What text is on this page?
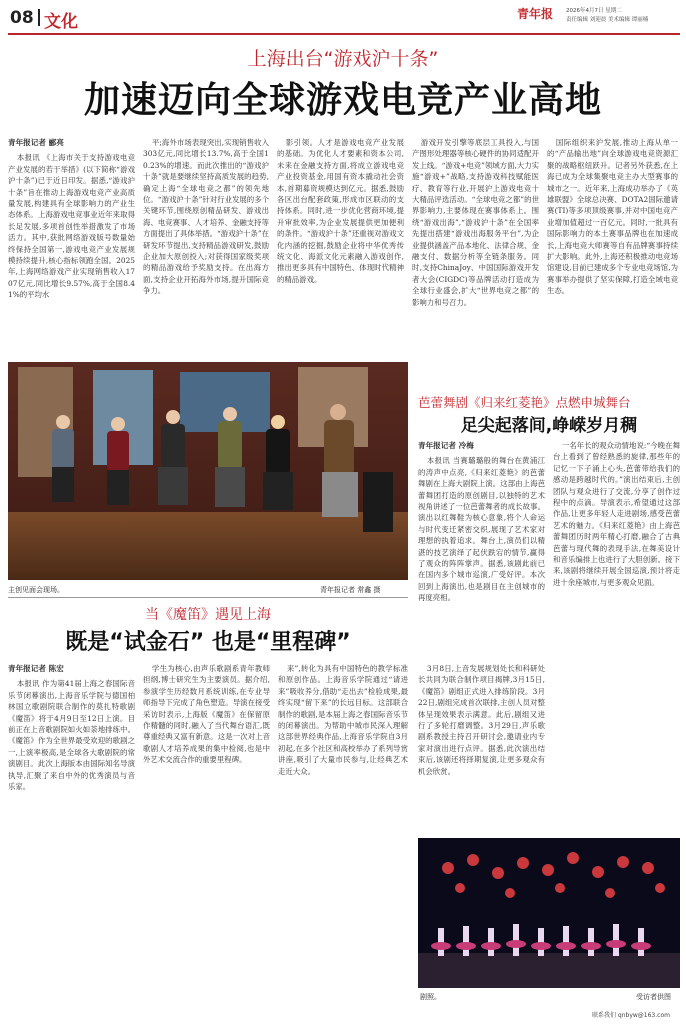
08 文化	青年报 2026年4月7日 星期二
责任编辑 刘迎晨 美术编辑 谭丽楠
上海出台“游戏沪十条”
加速迈向全球游戏电竞产业高地
青年报记者 郦亮

本报讯 《上海市关于支持游戏电竞产业发展的若干举措》(以下简称“游戏沪十条”)已于近日印发。据悉,“游戏沪十条”旨在推动上海游戏电竞产业高质量发展,构建具有全球影响力的产业生态体系。上海游戏电竞事业近年来取得长足发展,多项首创性举措激发了市场活力。其中,获批网络游戏版号数量始终保持全国第一,游戏电竞产业发展规模持续提升,核心指标领跑全国。2025年,上海网络游戏产业实现销售收入1707亿元,同比增长9.57%,高于全国8.41%的平均水

平;海外市场表现突出,实现销售收入303亿元,同比增长13.7%,高于全国10.23%的增速。而此次推出的“游戏沪十条”就是要继续坚持高质发展的趋势,确定上海“全球电竞之都”的领先地位。“游戏沪十条”针对行业发展的多个关键环节,围绕原创精品研发、游戏出海、电竞赛事、人才培养、金融支持等方面提出了具体举措。“游戏沪十条”在研发环节提出,支持精品游戏研发,鼓励企业加大原创投入;对获得国家级奖项的精品游戏给予奖励支持。在出海方面,支持企业开拓海外市场,提升国际竞争力。

影引领。人才是游戏电竞产业发展的基础。为优化人才要素和资本公司,未来在金融支持方面,将成立游戏电竞产业投资基金,用国有资本撬动社会资本,首期募资规模达到亿元。据悉,鼓励各区出台配套政策,形成市区联动的支持体系。同时,进一步优化营商环境,提升审批效率,为企业发展提供更加便利的条件。“游戏沪十条”还重视对游戏文化内涵的挖掘,鼓励企业将中华优秀传统文化、海派文化元素融入游戏创作,推出更多具有中国特色、体现时代精神的精品游戏。

游戏开发引擎等底层工具投入,与国产图形处理器等核心硬件的协同适配开发上线。“游戏+电竞”领域方面,大力实施“游戏+”战略,支持游戏科技赋能医疗、教育等行业,开展沪上游戏电竞十大精品评选活动。“全球电竞之都”的世界影响力,主要体现在赛事体系上。围绕“游戏出海”,“游戏沪十条”在全国率先提出搭建“游戏出海服务平台”,为企业提供涵盖产品本地化、法律合规、金融支付、数据分析等全链条服务。同时,支持ChinaJoy、中国国际游戏开发者大会(CIGDC)等品牌活动打造成为全球行业盛会,扩大“世界电竞之都”的影响力和号召力。

国际组织来沪发展,推动上海从单一的“产品输出地”向全球游戏电竞资源汇聚的战略枢纽跃升。记者另外获悉,在上海已成为全球集聚电竞主办大型赛事的城市之一。近年来,上海成功举办了《英雄联盟》全球总决赛、DOTA2国际邀请赛(TI)等多项顶级赛事,并对中国电竞产业增加值超过一百亿元。同时,一批具有国际影响力的本土赛事品牌也在加速成长,上海电竞大师赛等自有品牌赛事持续扩大影响。此外,上海还积极推动电竞场馆建设,目前已建成多个专业电竞场馆,为赛事举办提供了坚实保障,打造全域电竞生态。

主创见面会现场。	青年报记者 常鑫 摄
芭蕾舞剧《归来红菱艳》点燃申城舞台
足尖起落间,峥嵘岁月稠
青年报记者 冷梅

本报讯 当赛璐璐般的舞台在黄浦江的涛声中点亮,《归来红菱艳》的芭蕾舞剧在上海大剧院上演。这部由上海芭蕾舞团打造的原创剧目,以独特的艺术视角讲述了一位芭蕾舞者的成长故事。演出以红舞鞋为核心意象,将个人命运与时代变迁紧密交织,展现了艺术家对理想的执着追求。舞台上,演员们以精湛的技艺演绎了起伏跌宕的情节,赢得了观众的阵阵掌声。据悉,该剧此前已在国内多个城市巡演,广受好评。本次回到上海演出,也是剧目在主创城市的再度亮相。

一名年长的观众动情地说:“今晚在舞台上看到了曾经熟悉的旋律,那些年的记忆一下子涌上心头,芭蕾带给我们的感动是跨越时代的。”演出结束后,主创团队与观众进行了交流,分享了创作过程中的点滴。导演表示,希望通过这部作品,让更多年轻人走进剧场,感受芭蕾艺术的魅力。《归来红菱艳》由上海芭蕾舞团历时两年精心打磨,融合了古典芭蕾与现代舞的表现手法,在舞美设计和音乐编排上也进行了大胆创新。接下来,该剧将继续开展全国巡演,预计将走进十余座城市,与更多观众见面。

当《魔笛》遇见上海
既是“试金石” 也是“里程碑”
青年报记者 陈宏

本报讯 作为第41届上海之春国际音乐节闭幕演出,上海音乐学院与德国柏林国立歌剧院联合制作的莫扎特歌剧《魔笛》将于4月9日至12日上演。目前正在上音歌剧院如火如荼地排练中。《魔笛》作为全世界最受欢迎的歌剧之一,上演率极高,是全球各大歌剧院的常演剧目。此次上海版本由国际知名导演执导,汇聚了来自中外的优秀演员与音乐家。

学生为核心,由声乐歌剧系青年教师担纲,博士研究生为主要演员。据介绍,参演学生历经数月系统训练,在专业导师指导下完成了角色塑造。导演在接受采访时表示,上海版《魔笛》在保留原作精髓的同时,融入了当代舞台语汇,既尊重经典又富有新意。这是一次对上音歌剧人才培养成果的集中检阅,也是中外艺术交流合作的重要里程碑。

来”,转化为具有中国特色的教学标准和原创作品。上海音乐学院通过“请进来”吸收养分,借助“走出去”检验成果,最终实现“留下来”的长远目标。这部联合制作的歌剧,是本届上海之春国际音乐节的闭幕演出。为帮助中城市民深入理解这部世界经典作品,上海音乐学院自3月初起,在多个社区和高校举办了系列导赏讲座,吸引了大量市民参与,让经典艺术走近大众。

3月8日,上音发展规划处长和科研处长共同为联合制作项目揭牌,3月15日,《魔笛》剧组正式进入排练阶段。3月22日,剧组完成首次联排,主创人员对整体呈现效果表示满意。此后,剧组又进行了多轮打磨调整。3月29日,声乐歌剧系教授主持召开研讨会,邀请业内专家对演出进行点评。据悉,此次演出结束后,该剧还将择期复演,让更多观众有机会欣赏。

剧照。	受访者供图
联系我们 qnbyw@163.com
